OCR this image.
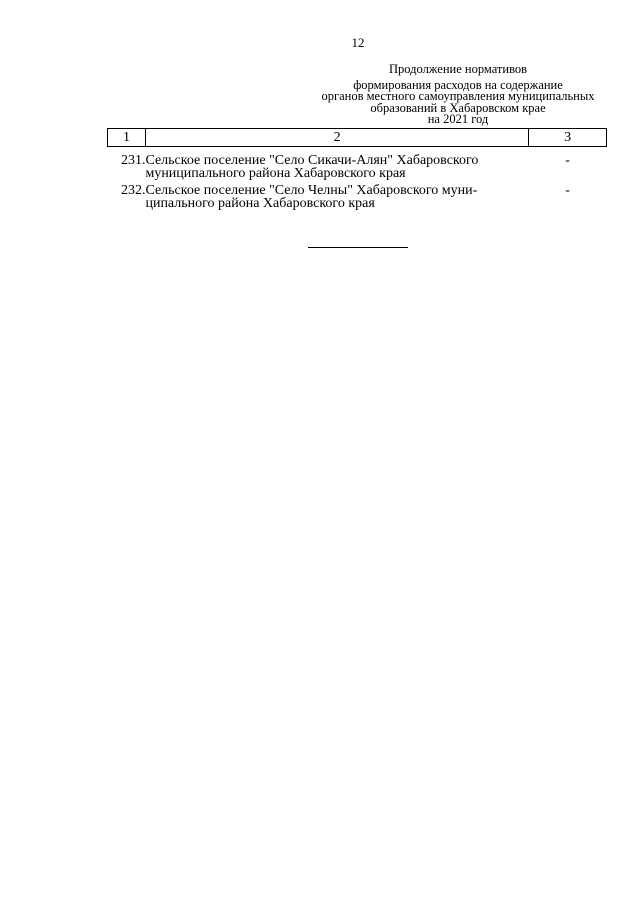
12
Продолжение нормативов
формирования расходов на содержание
органов местного самоуправления муниципальных
образований в Хабаровском крае
на 2021 год
1	2	3
231.	Сельское поселение "Село Сикачи-Алян" Хабаровского
муниципального района Хабаровского края	-
232.	Сельское поселение "Село Челны" Хабаровского муни-
ципального района Хабаровского края	-
